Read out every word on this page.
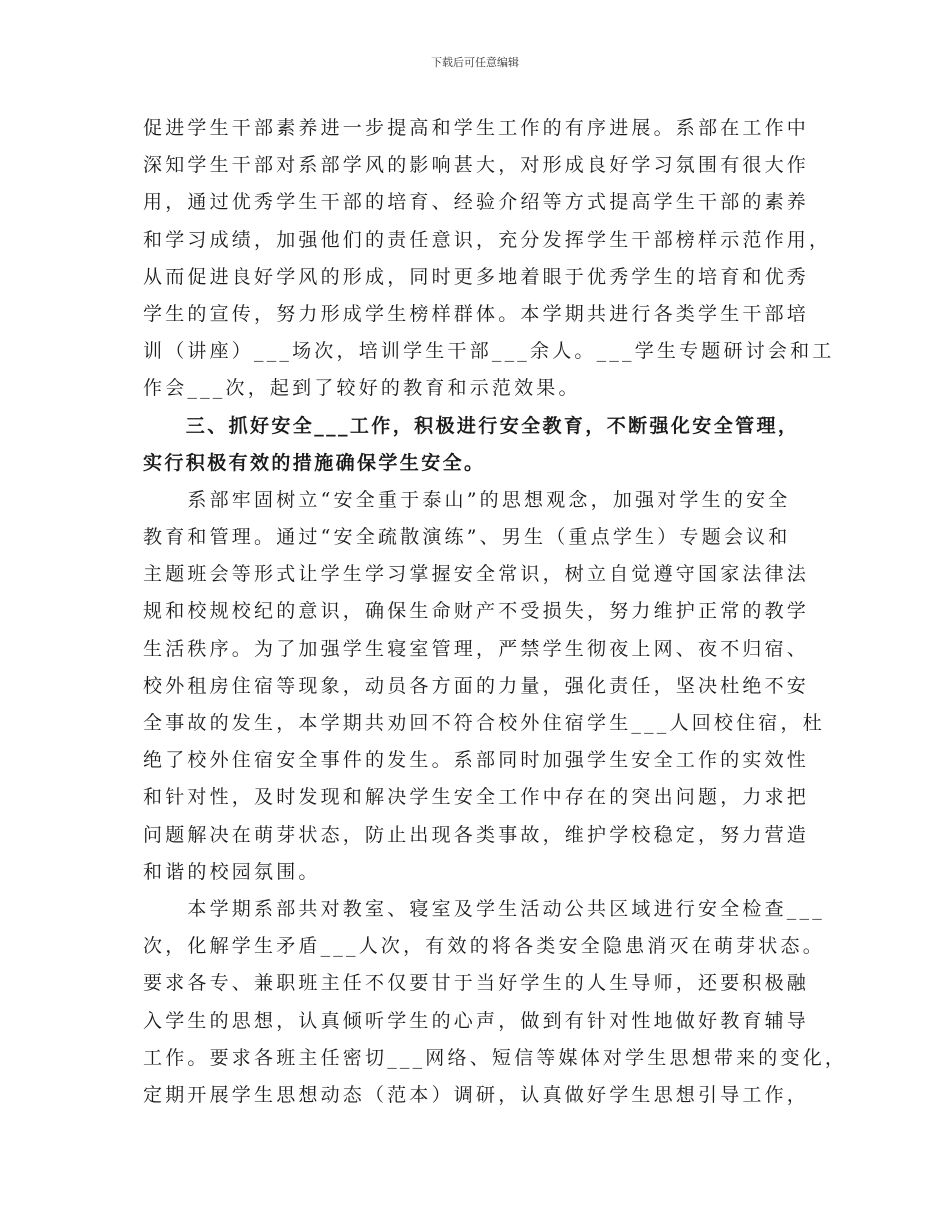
下载后可任意编辑
促进学生干部素养进一步提高和学生工作的有序进展。系部在工作中
深知学生干部对系部学风的影响甚大，对形成良好学习氛围有很大作
用，通过优秀学生干部的培育、经验介绍等方式提高学生干部的素养
和学习成绩，加强他们的责任意识，充分发挥学生干部榜样示范作用，
从而促进良好学风的形成，同时更多地着眼于优秀学生的培育和优秀
学生的宣传，努力形成学生榜样群体。本学期共进行各类学生干部培
训（讲座）___场次，培训学生干部___余人。___学生专题研讨会和工
作会___次，起到了较好的教育和示范效果。
　　三、抓好安全___工作，积极进行安全教育，不断强化安全管理，
实行积极有效的措施确保学生安全。
　　系部牢固树立“安全重于泰山”的思想观念，加强对学生的安全
教育和管理。通过“安全疏散演练”、男生（重点学生）专题会议和
主题班会等形式让学生学习掌握安全常识，树立自觉遵守国家法律法
规和校规校纪的意识，确保生命财产不受损失，努力维护正常的教学
生活秩序。为了加强学生寝室管理，严禁学生彻夜上网、夜不归宿、
校外租房住宿等现象，动员各方面的力量，强化责任，坚决杜绝不安
全事故的发生，本学期共劝回不符合校外住宿学生___人回校住宿，杜
绝了校外住宿安全事件的发生。系部同时加强学生安全工作的实效性
和针对性，及时发现和解决学生安全工作中存在的突出问题，力求把
问题解决在萌芽状态，防止出现各类事故，维护学校稳定，努力营造
和谐的校园氛围。
　　本学期系部共对教室、寝室及学生活动公共区域进行安全检查___
次，化解学生矛盾___人次，有效的将各类安全隐患消灭在萌芽状态。
要求各专、兼职班主任不仅要甘于当好学生的人生导师，还要积极融
入学生的思想，认真倾听学生的心声，做到有针对性地做好教育辅导
工作。要求各班主任密切___网络、短信等媒体对学生思想带来的变化，
定期开展学生思想动态（范本）调研，认真做好学生思想引导工作，
